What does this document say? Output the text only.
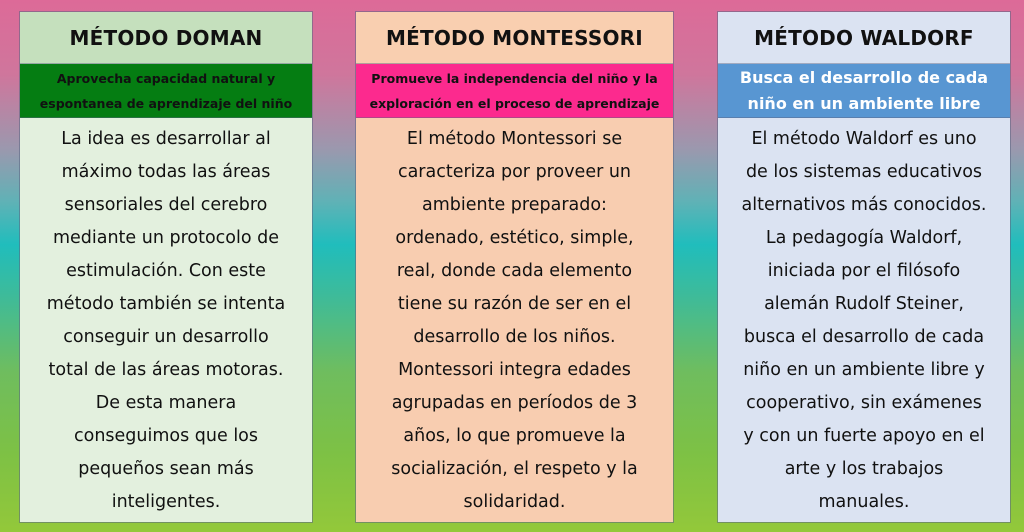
MÉTODO DOMAN
Aprovecha capacidad natural y
espontanea de aprendizaje del niño
La idea es desarrollar al
máximo todas las áreas
sensoriales del cerebro
mediante un protocolo de
estimulación. Con este
método también se intenta
conseguir un desarrollo
total de las áreas motoras.
De esta manera
conseguimos que los
pequeños sean más
inteligentes.
MÉTODO MONTESSORI
Promueve la independencia del niño y la
exploración en el proceso de aprendizaje
El método Montessori se
caracteriza por proveer un
ambiente preparado:
ordenado, estético, simple,
real, donde cada elemento
tiene su razón de ser en el
desarrollo de los niños.
Montessori integra edades
agrupadas en períodos de 3
años, lo que promueve la
socialización, el respeto y la
solidaridad.
MÉTODO WALDORF
Busca el desarrollo de cada
niño en un ambiente libre
El método Waldorf es uno
de los sistemas educativos
alternativos más conocidos.
La pedagogía Waldorf,
iniciada por el filósofo
alemán Rudolf Steiner,
busca el desarrollo de cada
niño en un ambiente libre y
cooperativo, sin exámenes
y con un fuerte apoyo en el
arte y los trabajos
manuales.
